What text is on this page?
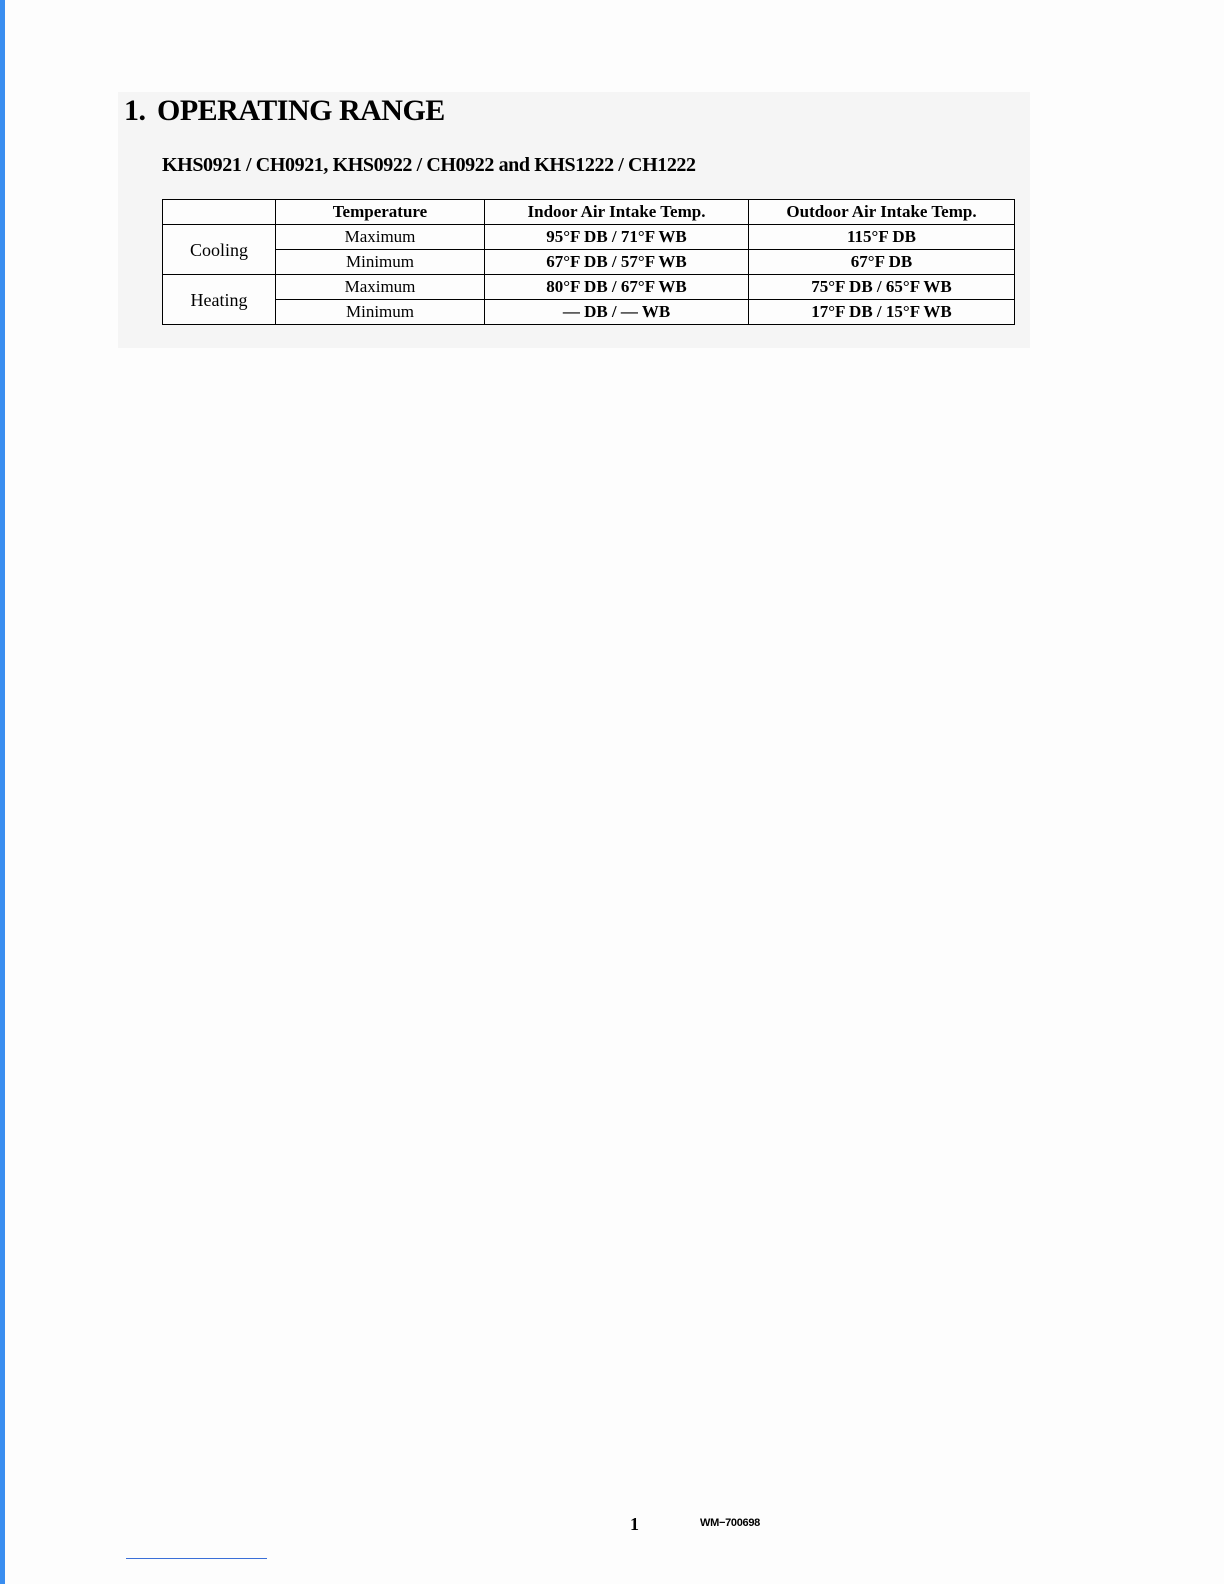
1. OPERATING RANGE
KHS0921 / CH0921, KHS0922 / CH0922 and KHS1222 / CH1222
	Temperature	Indoor Air Intake Temp.	Outdoor Air Intake Temp.
Cooling	Maximum	95°F DB / 71°F WB	115°F DB
	Minimum	67°F DB / 57°F WB	67°F DB
Heating	Maximum	80°F DB / 67°F WB	75°F DB / 65°F WB
	Minimum	— DB / — WB	17°F DB / 15°F WB
1	WM−700698
